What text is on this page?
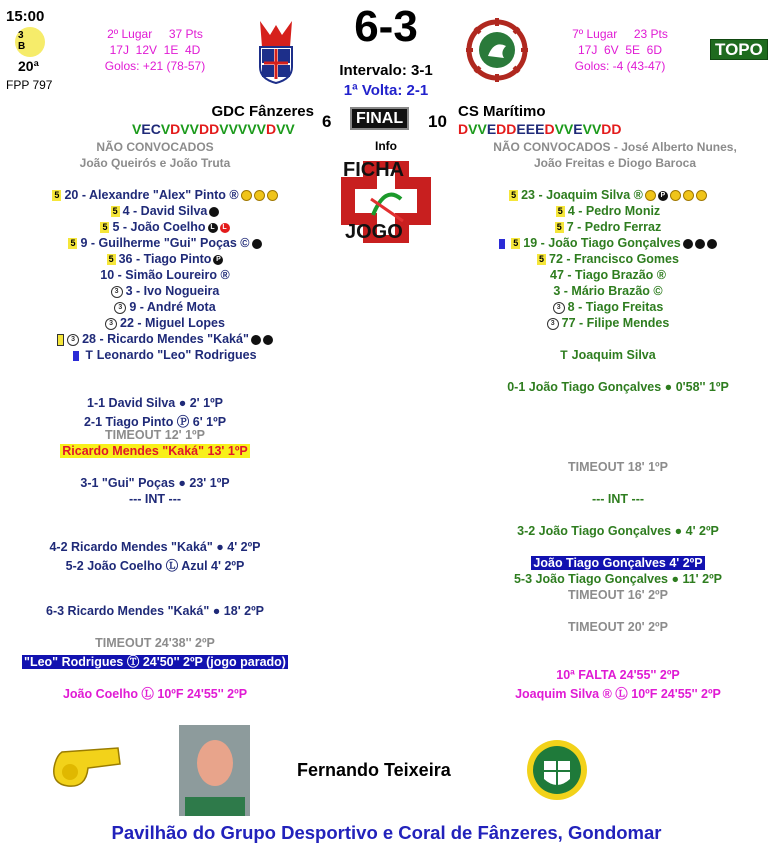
15:00
3
B
20ª
FPP 797
2º Lugar     37 Pts
17J  12V  1E  4D
Golos: +21 (78-57)
6-3
Intervalo: 3-1
1ª Volta: 2-1
7º Lugar     23 Pts
17J  6V  5E  6D
Golos: -4 (43-47)
TOPO
GDC Fânzeres
6	FINAL	10
CS Marítimo
VECVDVVDDVVVVVDVV	DVVEDDEEEDVVEVVDD
NÃO CONVOCADOS
João Queirós e João Truta
NÃO CONVOCADOS - José Alberto Nunes,
João Freitas e Diogo Baroca
Info
FICHA
JOGO
5 20 - Alexandre "Alex" Pinto ®
5 4 - David Silva
5 5 - João Coelho L L
5 9 - Guilherme "Gui" Poças ©
5 36 - Tiago Pinto P
10 - Simão Loureiro ®
3 3 - Ivo Nogueira
3 9 - André Mota
3 22 - Miguel Lopes
3 28 - Ricardo Mendes "Kaká"
T Leonardo "Leo" Rodrigues
5 23 - Joaquim Silva ®	P
5 4 - Pedro Moniz
5 7 - Pedro Ferraz
5 19 - João Tiago Gonçalves
5 72 - Francisco Gomes
47 - Tiago Brazão ®
3 - Mário Brazão ©
3 8 - Tiago Freitas
3 77 - Filipe Mendes
T Joaquim Silva
1-1 David Silva ● 2' 1ºP
2-1 Tiago Pinto Ⓟ 6' 1ºP
TIMEOUT 12' 1ºP
Ricardo Mendes "Kaká" 13' 1ºP
3-1 "Gui" Poças ● 23' 1ºP
--- INT ---
4-2 Ricardo Mendes "Kaká" ● 4' 2ºP
5-2 João Coelho Ⓛ Azul 4' 2ºP
6-3 Ricardo Mendes "Kaká" ● 18' 2ºP
TIMEOUT 24'38'' 2ºP
"Leo" Rodrigues Ⓣ 24'50'' 2ºP (jogo parado)
João Coelho Ⓛ 10ºF 24'55'' 2ºP
0-1 João Tiago Gonçalves ● 0'58'' 1ºP
TIMEOUT 18' 1ºP
--- INT ---
3-2 João Tiago Gonçalves ● 4' 2ºP
João Tiago Gonçalves 4' 2ºP
5-3 João Tiago Gonçalves ● 11' 2ºP
TIMEOUT 16' 2ºP
TIMEOUT 20' 2ºP
10ª FALTA 24'55'' 2ºP
Joaquim Silva ® Ⓛ 10ºF 24'55'' 2ºP
Fernando Teixeira
Pavilhão do Grupo Desportivo e Coral de Fânzeres, Gondomar
